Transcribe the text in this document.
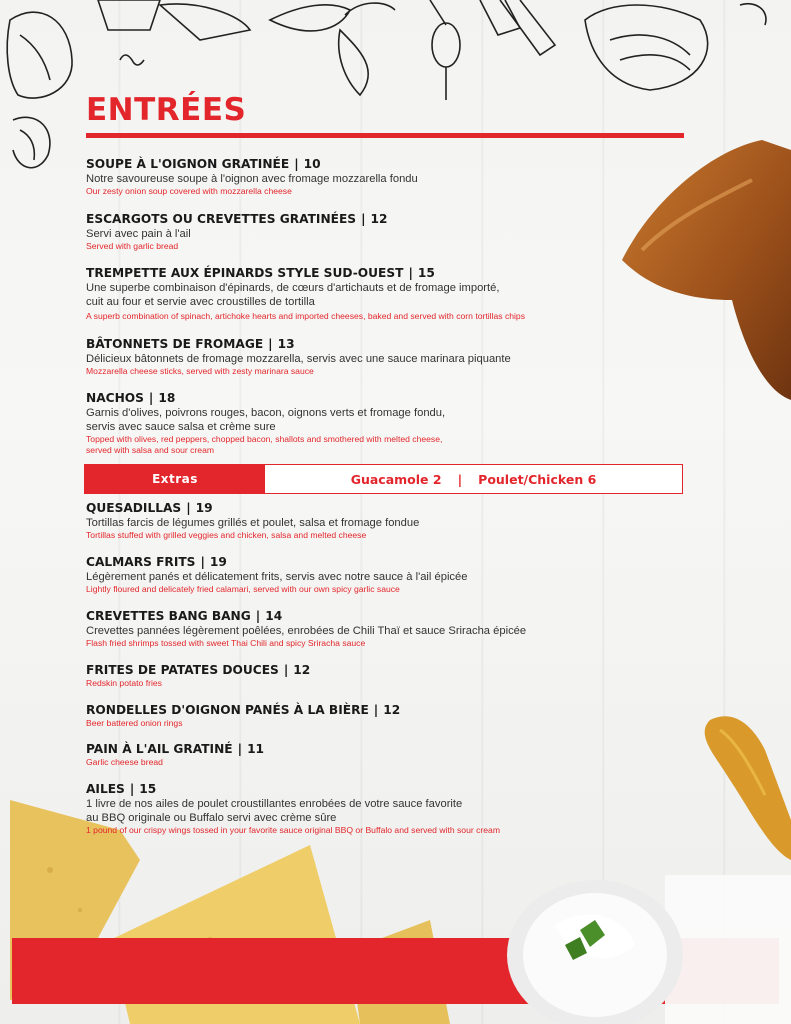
ENTRÉES
SOUPE À L'OIGNON GRATINÉE | 10
Notre savoureuse soupe à l'oignon avec fromage mozzarella fondu
Our zesty onion soup covered with mozzarella cheese
ESCARGOTS OU CREVETTES GRATINÉES | 12
Servi avec pain à l'ail
Served with garlic bread
TREMPETTE AUX ÉPINARDS STYLE SUD-OUEST | 15
Une superbe combinaison d'épinards, de cœurs d'artichauts et de fromage importé,
cuit au four et servie avec croustilles de tortilla
A superb combination of spinach, artichoke hearts and imported cheeses, baked and served with corn tortillas chips
BÂTONNETS DE FROMAGE | 13
Délicieux bâtonnets de fromage mozzarella, servis avec une sauce marinara piquante
Mozzarella cheese sticks, served with zesty marinara sauce
NACHOS | 18
Garnis d'olives, poivrons rouges, bacon, oignons verts et fromage fondu,
servis avec sauce salsa et crème sure
Topped with olives, red peppers, chopped bacon, shallots and smothered with melted cheese,
served with salsa and sour cream
Extras	Guacamole 2	|	Poulet/Chicken 6
QUESADILLAS | 19
Tortillas farcis de légumes grillés et poulet, salsa et fromage fondue
Tortillas stuffed with grilled veggies and chicken, salsa and melted cheese
CALMARS FRITS | 19
Légèrement panés et délicatement frits, servis avec notre sauce à l'ail épicée
Lightly floured and delicately fried calamari, served with our own spicy garlic sauce
CREVETTES BANG BANG | 14
Crevettes pannées légèrement poêlées, enrobées de Chili Thaï et sauce Sriracha épicée
Flash fried shrimps tossed with sweet Thai Chili and spicy Sriracha sauce
FRITES DE PATATES DOUCES | 12
Redskin potato fries
RONDELLES D'OIGNON PANÉS À LA BIÈRE | 12
Beer battered onion rings
PAIN À L'AIL GRATINÉ | 11
Garlic cheese bread
AILES | 15
1 livre de nos ailes de poulet croustillantes enrobées de votre sauce favorite
au BBQ originale ou Buffalo servi avec crème sûre
1 pound of our crispy wings tossed in your favorite sauce original BBQ or Buffalo and served with sour cream
